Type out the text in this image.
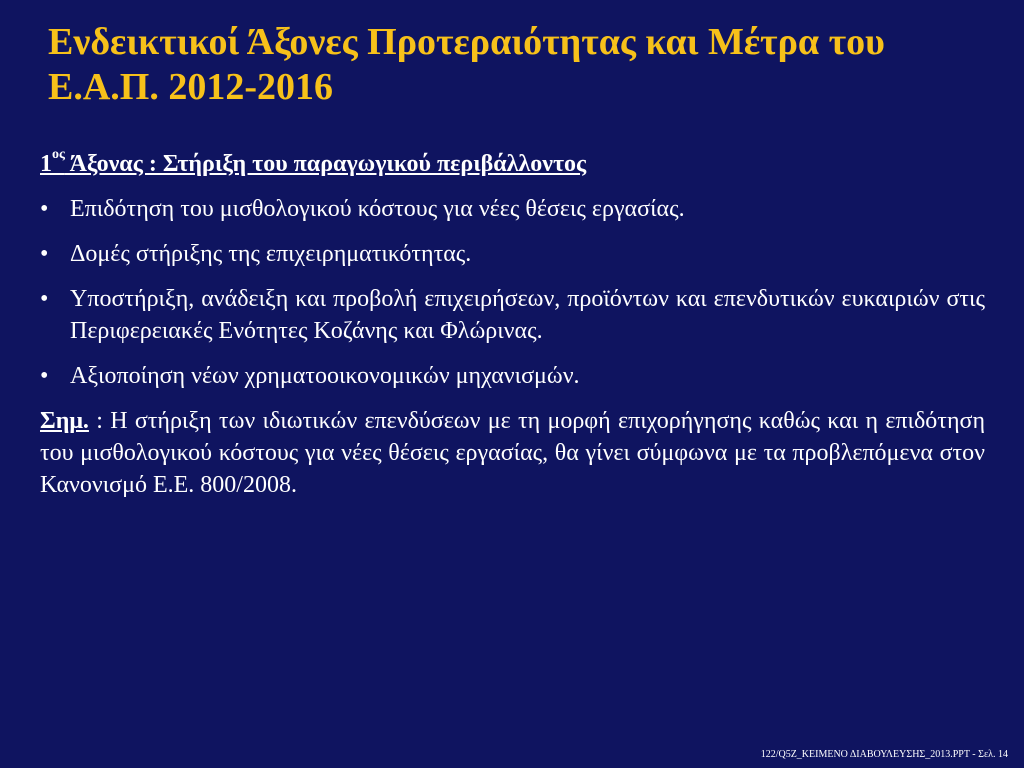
Ενδεικτικοί Άξονες Προτεραιότητας και Μέτρα του Ε.Α.Π. 2012-2016

$1^{o\varsigma}$ Άξονας : Στήριξη του παραγωγικού περιβάλλοντος

• Επιδότηση του μισθολογικού κόστους για νέες θέσεις εργασίας.
• Δομές στήριξης της επιχειρηματικότητας.
• Υποστήριξη, ανάδειξη και προβολή επιχειρήσεων, προϊόντων και επενδυτικών ευκαιριών στις Περιφερειακές Ενότητες Κοζάνης και Φλώρινας.
• Αξιοποίηση νέων χρηματοοικονομικών μηχανισμών.

Σημ. : Η στήριξη των ιδιωτικών επενδύσεων με τη μορφή επιχορήγησης καθώς και η επιδότηση του μισθολογικού κόστους για νέες θέσεις εργασίας, θα γίνει σύμφωνα με τα προβλεπόμενα στον Κανονισμό Ε.Ε. 800/2008.

122/Q5Z_ΚΕΙΜΕΝΟ ΔΙΑΒΟΥΛΕΥΣΗΣ_2013.PPT - Σελ. 14
